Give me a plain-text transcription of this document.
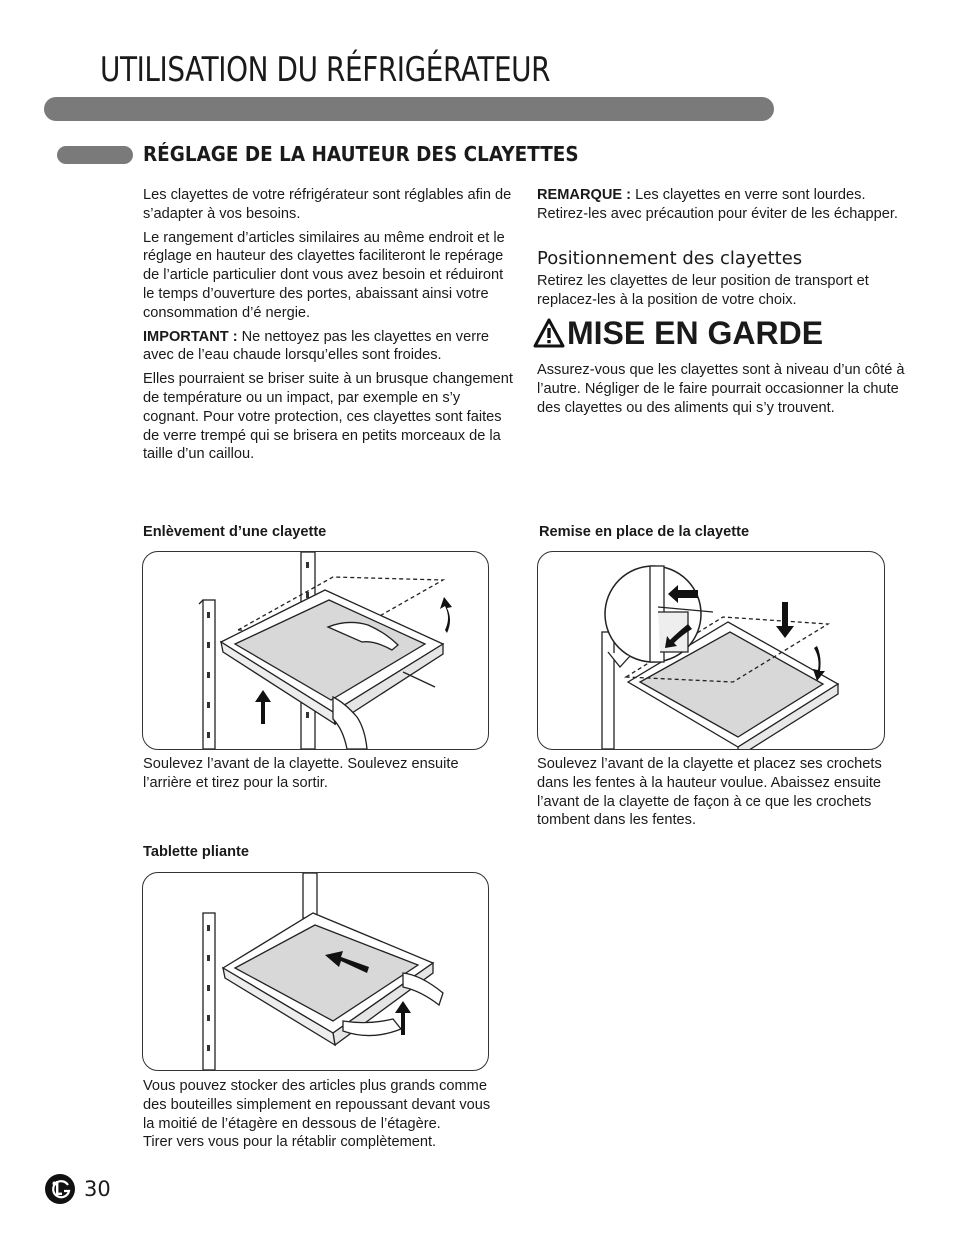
UTILISATION DU RÉFRIGÉRATEUR
RÉGLAGE DE LA HAUTEUR DES CLAYETTES

Les clayettes de votre réfrigérateur sont réglables afin de s’adapter à vos besoins.

Le rangement d’articles similaires au même endroit et le réglage en hauteur des clayettes faciliteront le repérage de l’article particulier dont vous avez besoin et réduiront le temps d’ouverture des portes, abaissant ainsi votre consommation d’é nergie.

IMPORTANT : Ne nettoyez pas les clayettes en verre avec de l’eau chaude lorsqu’elles sont froides.

Elles pourraient se briser suite à un brusque changement de température ou un impact, par exemple en s’y cognant. Pour votre protection, ces clayettes sont faites de verre trempé qui se brisera en petits morceaux de la taille d’un caillou.

REMARQUE : Les clayettes en verre sont lourdes. Retirez-les avec précaution pour éviter de les échapper.

Positionnement des clayettes

Retirez les clayettes de leur position de transport et replacez-les à la position de votre choix.

MISE EN GARDE

Assurez-vous que les clayettes sont à niveau d’un côté à l’autre. Négliger de le faire pourrait occasionner la chute des clayettes ou des aliments qui s’y trouvent.

Enlèvement d’une clayette
Soulevez l’avant de la clayette. Soulevez ensuite l’arrière et tirez pour la sortir.
Remise en place de la clayette
Soulevez l’avant de la clayette et placez ses crochets dans les fentes à la hauteur voulue. Abaissez ensuite l’avant de la clayette de façon à ce que les crochets tombent dans les fentes.
Tablette pliante

Vous pouvez stocker des articles plus grands comme des bouteilles simplement en repoussant devant vous la moitié de l’étagère en dessous de l’étagère.

Tirer vers vous pour la rétablir complètement.

30
